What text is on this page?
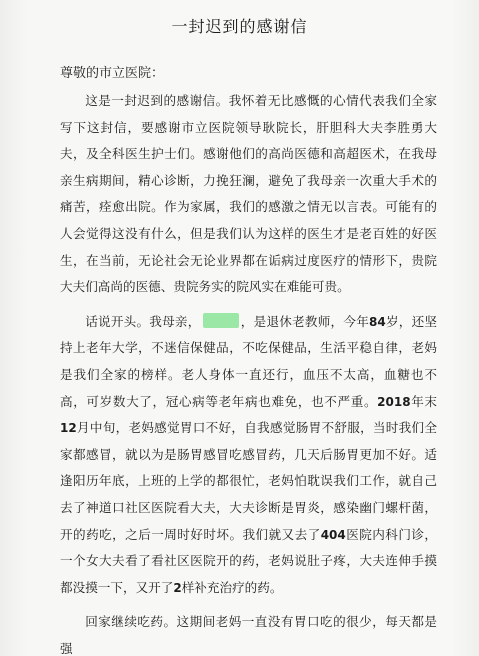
一封迟到的感谢信
尊敬的市立医院：

这是一封迟到的感谢信。我怀着无比感慨的心情代表我们全家写下这封信，要感谢市立医院领导耿院长，肝胆科大夫李胜勇大夫，及全科医生护士们。感谢他们的高尚医德和高超医术，在我母亲生病期间，精心诊断，力挽狂澜，避免了我母亲一次重大手术的痛苦，痊愈出院。作为家属，我们的感激之情无以言表。可能有的人会觉得这没有什么，但是我们认为这样的医生才是老百姓的好医生，在当前，无论社会无论业界都在诟病过度医疗的情形下，贵院大夫们高尚的医德、贵院务实的院风实在难能可贵。

话说开头。我母亲，	，是退休老教师，今年84岁，还坚持上老年大学，不迷信保健品，不吃保健品，生活平稳自律，老妈是我们全家的榜样。老人身体一直还行，血压不太高，血糖也不高，可岁数大了，冠心病等老年病也难免，也不严重。2018年末12月中旬，老妈感觉胃口不好，自我感觉肠胃不舒服，当时我们全家都感冒，就以为是肠胃感冒吃感冒药，几天后肠胃更加不好。适逢阳历年底，上班的上学的都很忙，老妈怕耽误我们工作，就自己去了神道口社区医院看大夫，大夫诊断是胃炎，感染幽门螺杆菌，开的药吃，之后一周时好时坏。我们就又去了404医院内科门诊，一个女大夫看了看社区医院开的药，老妈说肚子疼，大夫连伸手摸都没摸一下，又开了2样补充治疗的药。

回家继续吃药。这期间老妈一直没有胃口吃的很少，每天都是强
